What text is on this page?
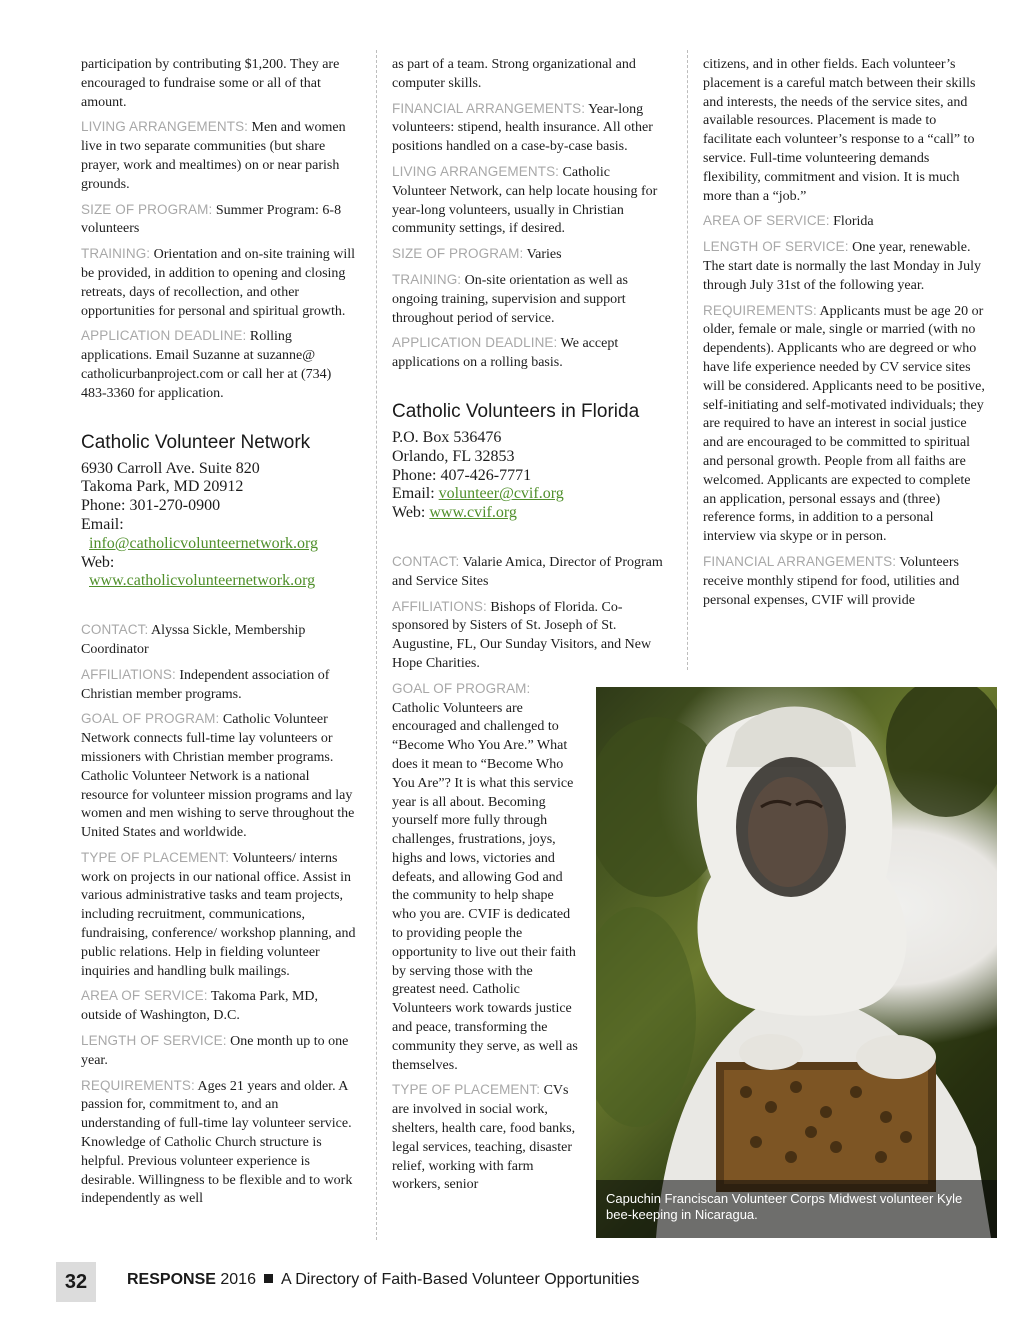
participation by contributing $1,200. They are encouraged to fundraise some or all of that amount.

LIVING ARRANGEMENTS: Men and women live in two separate communities (but share prayer, work and mealtimes) on or near parish grounds.

SIZE OF PROGRAM: Summer Program: 6-8 volunteers

TRAINING: Orientation and on-site training will be provided, in addition to opening and closing retreats, days of recollection, and other opportunities for personal and spiritual growth.

APPLICATION DEADLINE: Rolling applications. Email Suzanne at suzanne@ catholicurbanproject.com or call her at (734) 483-3360 for application.

Catholic Volunteer Network
6930 Carroll Ave. Suite 820
Takoma Park, MD 20912
Phone: 301-270-0900
Email:
info@catholicvolunteernetwork.org
Web:
www.catholicvolunteernetwork.org

CONTACT: Alyssa Sickle, Membership Coordinator

AFFILIATIONS: Independent association of Christian member programs.

GOAL OF PROGRAM: Catholic Volunteer Network connects full-time lay volunteers or missioners with Christian member programs. Catholic Volunteer Network is a national resource for volunteer mission programs and lay women and men wishing to serve throughout the United States and worldwide.

TYPE OF PLACEMENT: Volunteers/ interns work on projects in our national office. Assist in various administrative tasks and team projects, including recruitment, communications, fundraising, conference/ workshop planning, and public relations. Help in fielding volunteer inquiries and handling bulk mailings.

AREA OF SERVICE: Takoma Park, MD, outside of Washington, D.C.

LENGTH OF SERVICE: One month up to one year.

REQUIREMENTS: Ages 21 years and older. A passion for, commitment to, and an understanding of full-time lay volunteer service. Knowledge of Catholic Church structure is helpful. Previous volunteer experience is desirable. Willingness to be flexible and to work independently as well

as part of a team. Strong organizational and computer skills.

FINANCIAL ARRANGEMENTS: Year-long volunteers: stipend, health insurance. All other positions handled on a case-by-case basis.

LIVING ARRANGEMENTS: Catholic Volunteer Network, can help locate housing for year-long volunteers, usually in Christian community settings, if desired.

SIZE OF PROGRAM: Varies

TRAINING: On-site orientation as well as ongoing training, supervision and support throughout period of service.

APPLICATION DEADLINE: We accept applications on a rolling basis.

Catholic Volunteers in Florida
P.O. Box 536476
Orlando, FL 32853
Phone: 407-426-7771
Email: volunteer@cvif.org
Web: www.cvif.org

CONTACT: Valarie Amica, Director of Program and Service Sites

AFFILIATIONS: Bishops of Florida. Co-sponsored by Sisters of St. Joseph of St. Augustine, FL, Our Sunday Visitors, and New Hope Charities.

GOAL OF PROGRAM: Catholic Volunteers are encouraged and challenged to “Become Who You Are.” What does it mean to “Become Who You Are”? It is what this service year is all about. Becoming yourself more fully through challenges, frustrations, joys, highs and lows, victories and defeats, and allowing God and the community to help shape who you are. CVIF is dedicated to providing people the opportunity to live out their faith by serving those with the greatest need. Catholic Volunteers work towards justice and peace, transforming the community they serve, as well as themselves.

TYPE OF PLACEMENT: CVs are involved in social work, shelters, health care, food banks, legal services, teaching, disaster relief, working with farm workers, senior

citizens, and in other fields. Each volunteer’s placement is a careful match between their skills and interests, the needs of the service sites, and available resources. Placement is made to facilitate each volunteer’s response to a “call” to service. Full-time volunteering demands flexibility, commitment and vision. It is much more than a “job.”

AREA OF SERVICE: Florida

LENGTH OF SERVICE: One year, renewable. The start date is normally the last Monday in July through July 31st of the following year.

REQUIREMENTS: Applicants must be age 20 or older, female or male, single or married (with no dependents). Applicants who are degreed or who have life experience needed by CV service sites will be considered. Applicants need to be positive, self-initiating and self-motivated individuals; they are required to have an interest in social justice and are encouraged to be committed to spiritual and personal growth. People from all faiths are welcomed. Applicants are expected to complete an application, personal essays and (three) reference forms, in addition to a personal interview via skype or in person.

FINANCIAL ARRANGEMENTS: Volunteers receive monthly stipend for food, utilities and personal expenses, CVIF will provide

Capuchin Franciscan Volunteer Corps Midwest volunteer Kyle bee-keeping in Nicaragua.
32	RESPONSE 2016 A Directory of Faith-Based Volunteer Opportunities
